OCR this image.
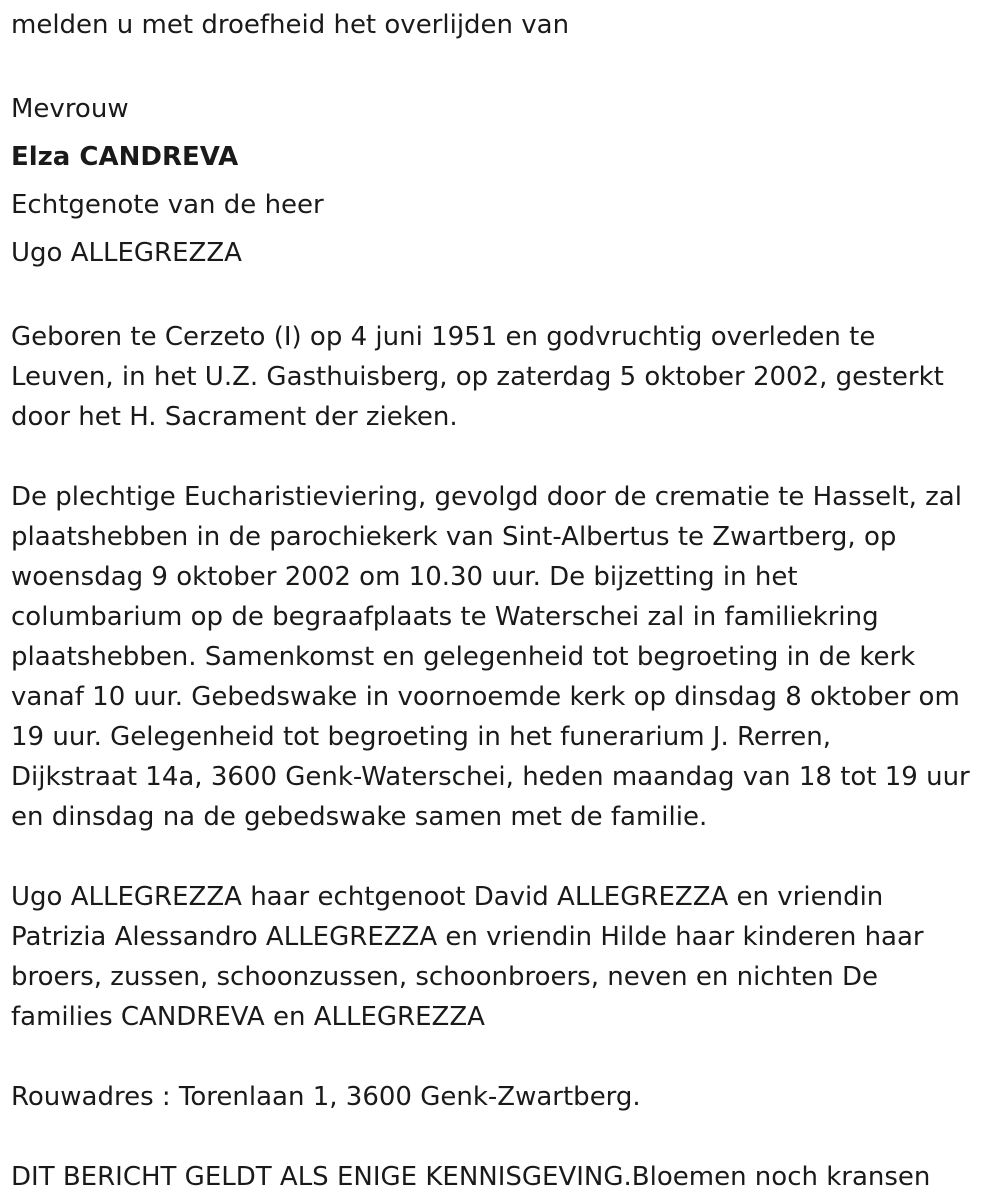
melden u met droefheid het overlijden van
Mevrouw
Elza CANDREVA
Echtgenote van de heer
Ugo ALLEGREZZA
Geboren te Cerzeto (I) op 4 juni 1951 en godvruchtig overleden te
Leuven, in het U.Z. Gasthuisberg, op zaterdag 5 oktober 2002, gesterkt
door het H. Sacrament der zieken.
De plechtige Eucharistieviering, gevolgd door de crematie te Hasselt, zal
plaatshebben in de parochiekerk van Sint-Albertus te Zwartberg, op
woensdag 9 oktober 2002 om 10.30 uur. De bijzetting in het
columbarium op de begraafplaats te Waterschei zal in familiekring
plaatshebben. Samenkomst en gelegenheid tot begroeting in de kerk
vanaf 10 uur. Gebedswake in voornoemde kerk op dinsdag 8 oktober om
19 uur. Gelegenheid tot begroeting in het funerarium J. Rerren,
Dijkstraat 14a, 3600 Genk-Waterschei, heden maandag van 18 tot 19 uur
en dinsdag na de gebedswake samen met de familie.
Ugo ALLEGREZZA haar echtgenoot David ALLEGREZZA en vriendin
Patrizia Alessandro ALLEGREZZA en vriendin Hilde haar kinderen haar
broers, zussen, schoonzussen, schoonbroers, neven en nichten De
families CANDREVA en ALLEGREZZA
Rouwadres : Torenlaan 1, 3600 Genk-Zwartberg.
DIT BERICHT GELDT ALS ENIGE KENNISGEVING.Bloemen noch kransen
